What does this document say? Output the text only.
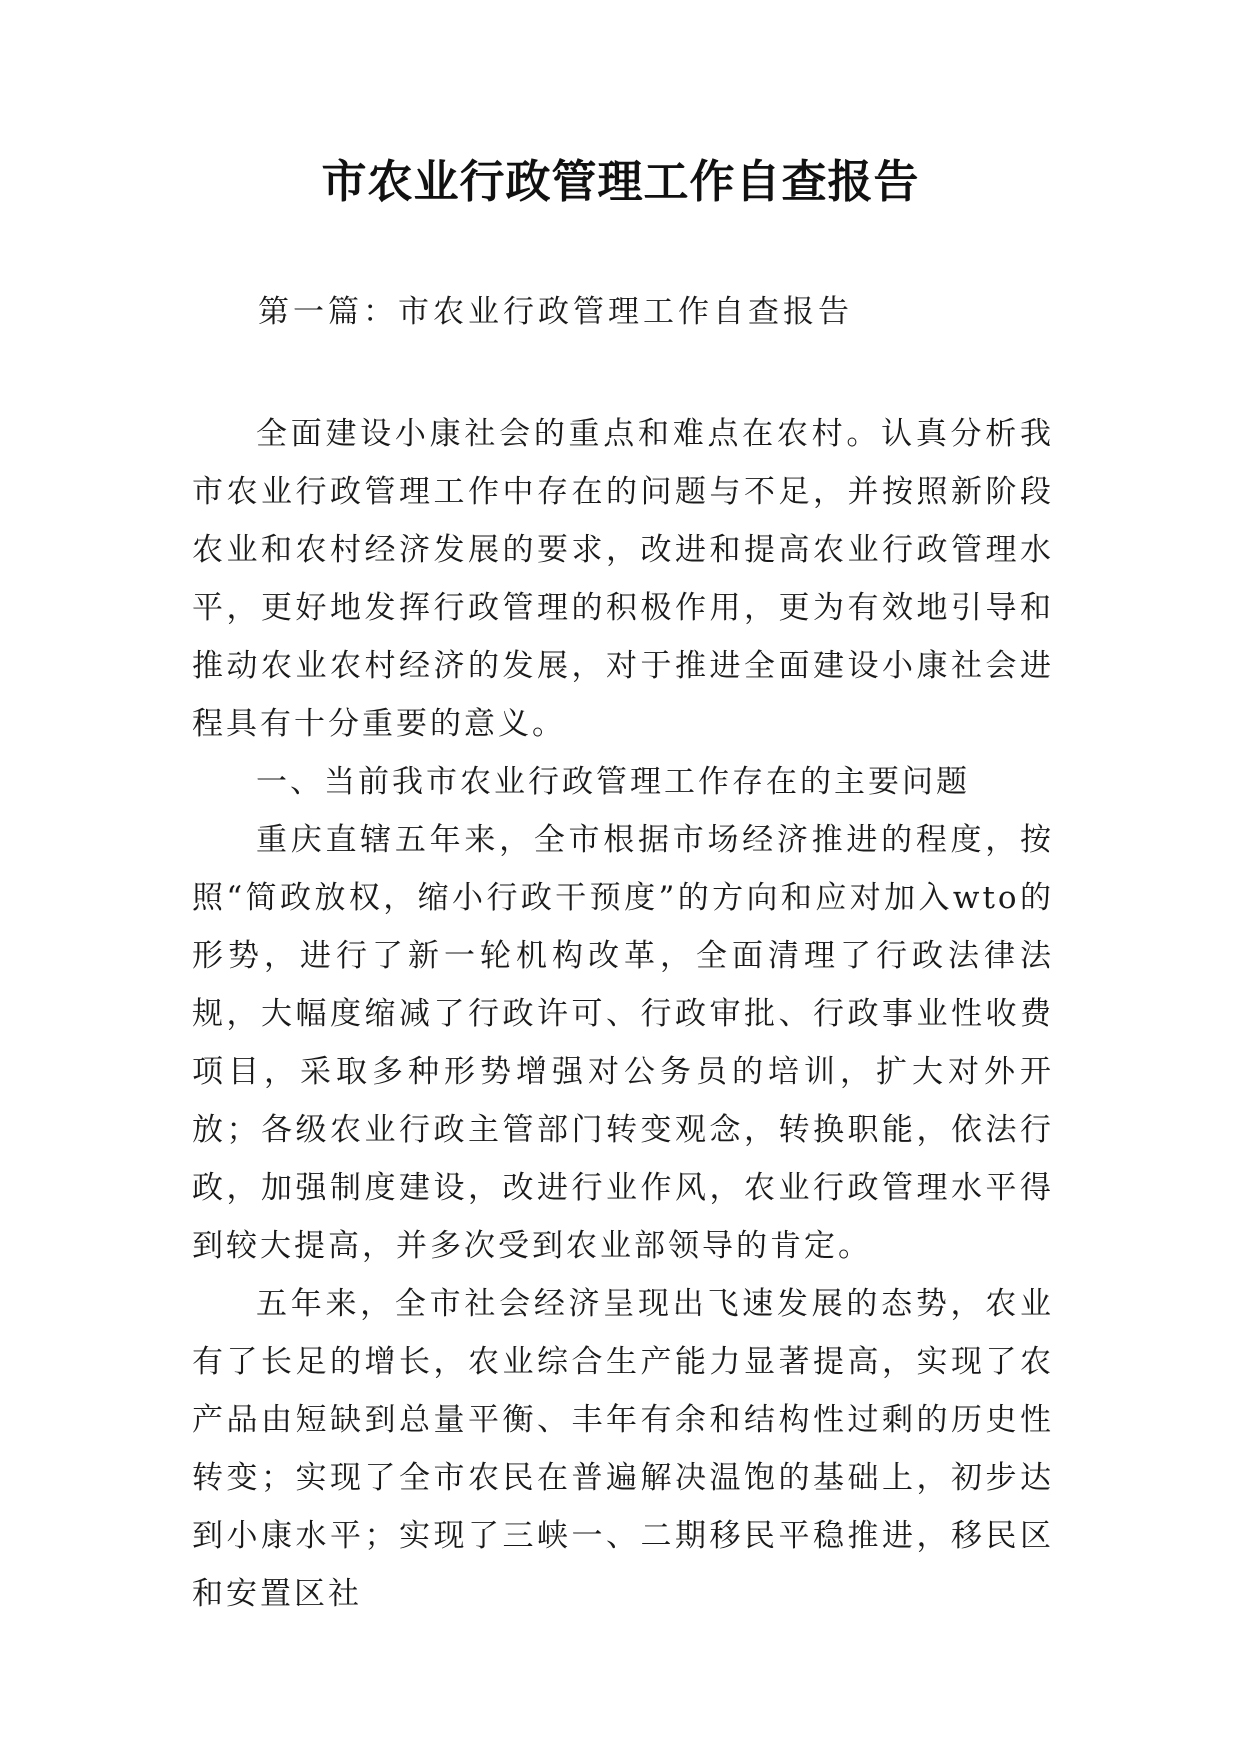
市农业行政管理工作自查报告

第一篇：市农业行政管理工作自查报告

全面建设小康社会的重点和难点在农村。认真分析我市农业行政管理工作中存在的问题与不足，并按照新阶段农业和农村经济发展的要求，改进和提高农业行政管理水平，更好地发挥行政管理的积极作用，更为有效地引导和推动农业农村经济的发展，对于推进全面建设小康社会进程具有十分重要的意义。

一、当前我市农业行政管理工作存在的主要问题

重庆直辖五年来，全市根据市场经济推进的程度，按照“简政放权，缩小行政干预度”的方向和应对加入wto的形势，进行了新一轮机构改革，全面清理了行政法律法规，大幅度缩减了行政许可、行政审批、行政事业性收费项目，采取多种形势增强对公务员的培训，扩大对外开放；各级农业行政主管部门转变观念，转换职能，依法行政，加强制度建设，改进行业作风，农业行政管理水平得到较大提高，并多次受到农业部领导的肯定。

五年来，全市社会经济呈现出飞速发展的态势，农业有了长足的增长，农业综合生产能力显著提高，实现了农产品由短缺到总量平衡、丰年有余和结构性过剩的历史性转变；实现了全市农民在普遍解决温饱的基础上，初步达到小康水平；实现了三峡一、二期移民平稳推进，移民区和安置区社
